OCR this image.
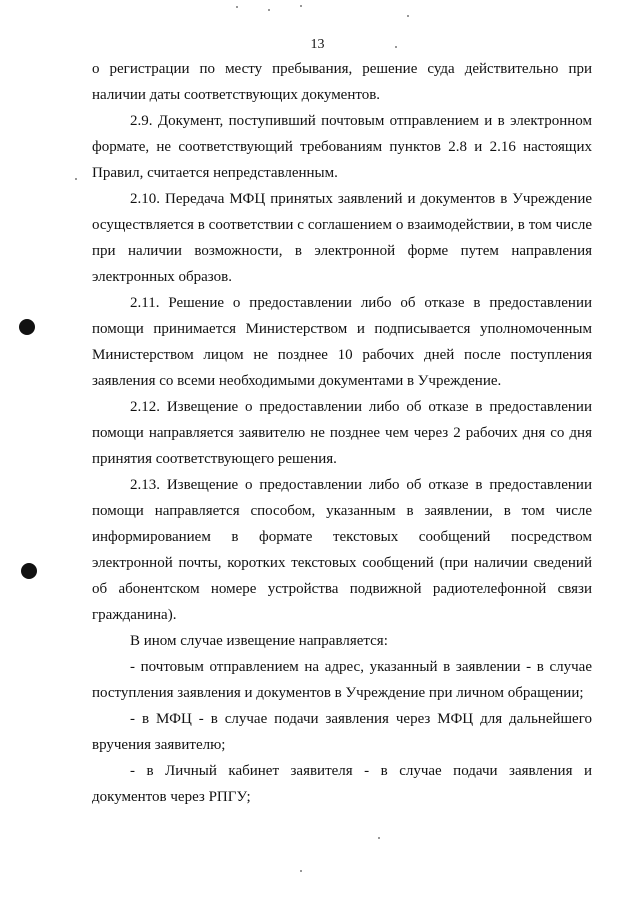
13
о регистрации по месту пребывания, решение суда действительно при
наличии даты соответствующих документов.
2.9. Документ, поступивший почтовым отправлением и в электронном
формате, не соответствующий требованиям пунктов 2.8 и 2.16 настоящих
Правил, считается непредставленным.
2.10. Передача МФЦ принятых заявлений и документов в Учреждение
осуществляется в соответствии с соглашением о взаимодействии, в том числе
при наличии возможности, в электронной форме путем направления
электронных образов.
2.11. Решение о предоставлении либо об отказе в предоставлении
помощи принимается Министерством и подписывается уполномоченным
Министерством лицом не позднее 10 рабочих дней после поступления
заявления со всеми необходимыми документами в Учреждение.
2.12. Извещение о предоставлении либо об отказе в предоставлении
помощи направляется заявителю не позднее чем через 2 рабочих дня со дня
принятия соответствующего решения.
2.13. Извещение о предоставлении либо об отказе в предоставлении
помощи направляется способом, указанным в заявлении, в том числе
информированием в формате текстовых сообщений посредством
электронной почты, коротких текстовых сообщений (при наличии сведений
об абонентском номере устройства подвижной радиотелефонной связи
гражданина).
В ином случае извещение направляется:
- почтовым отправлением на адрес, указанный в заявлении - в случае
поступления заявления и документов в Учреждение при личном обращении;
- в МФЦ - в случае подачи заявления через МФЦ для дальнейшего
вручения заявителю;
- в Личный кабинет заявителя - в случае подачи заявления и
документов через РПГУ;
